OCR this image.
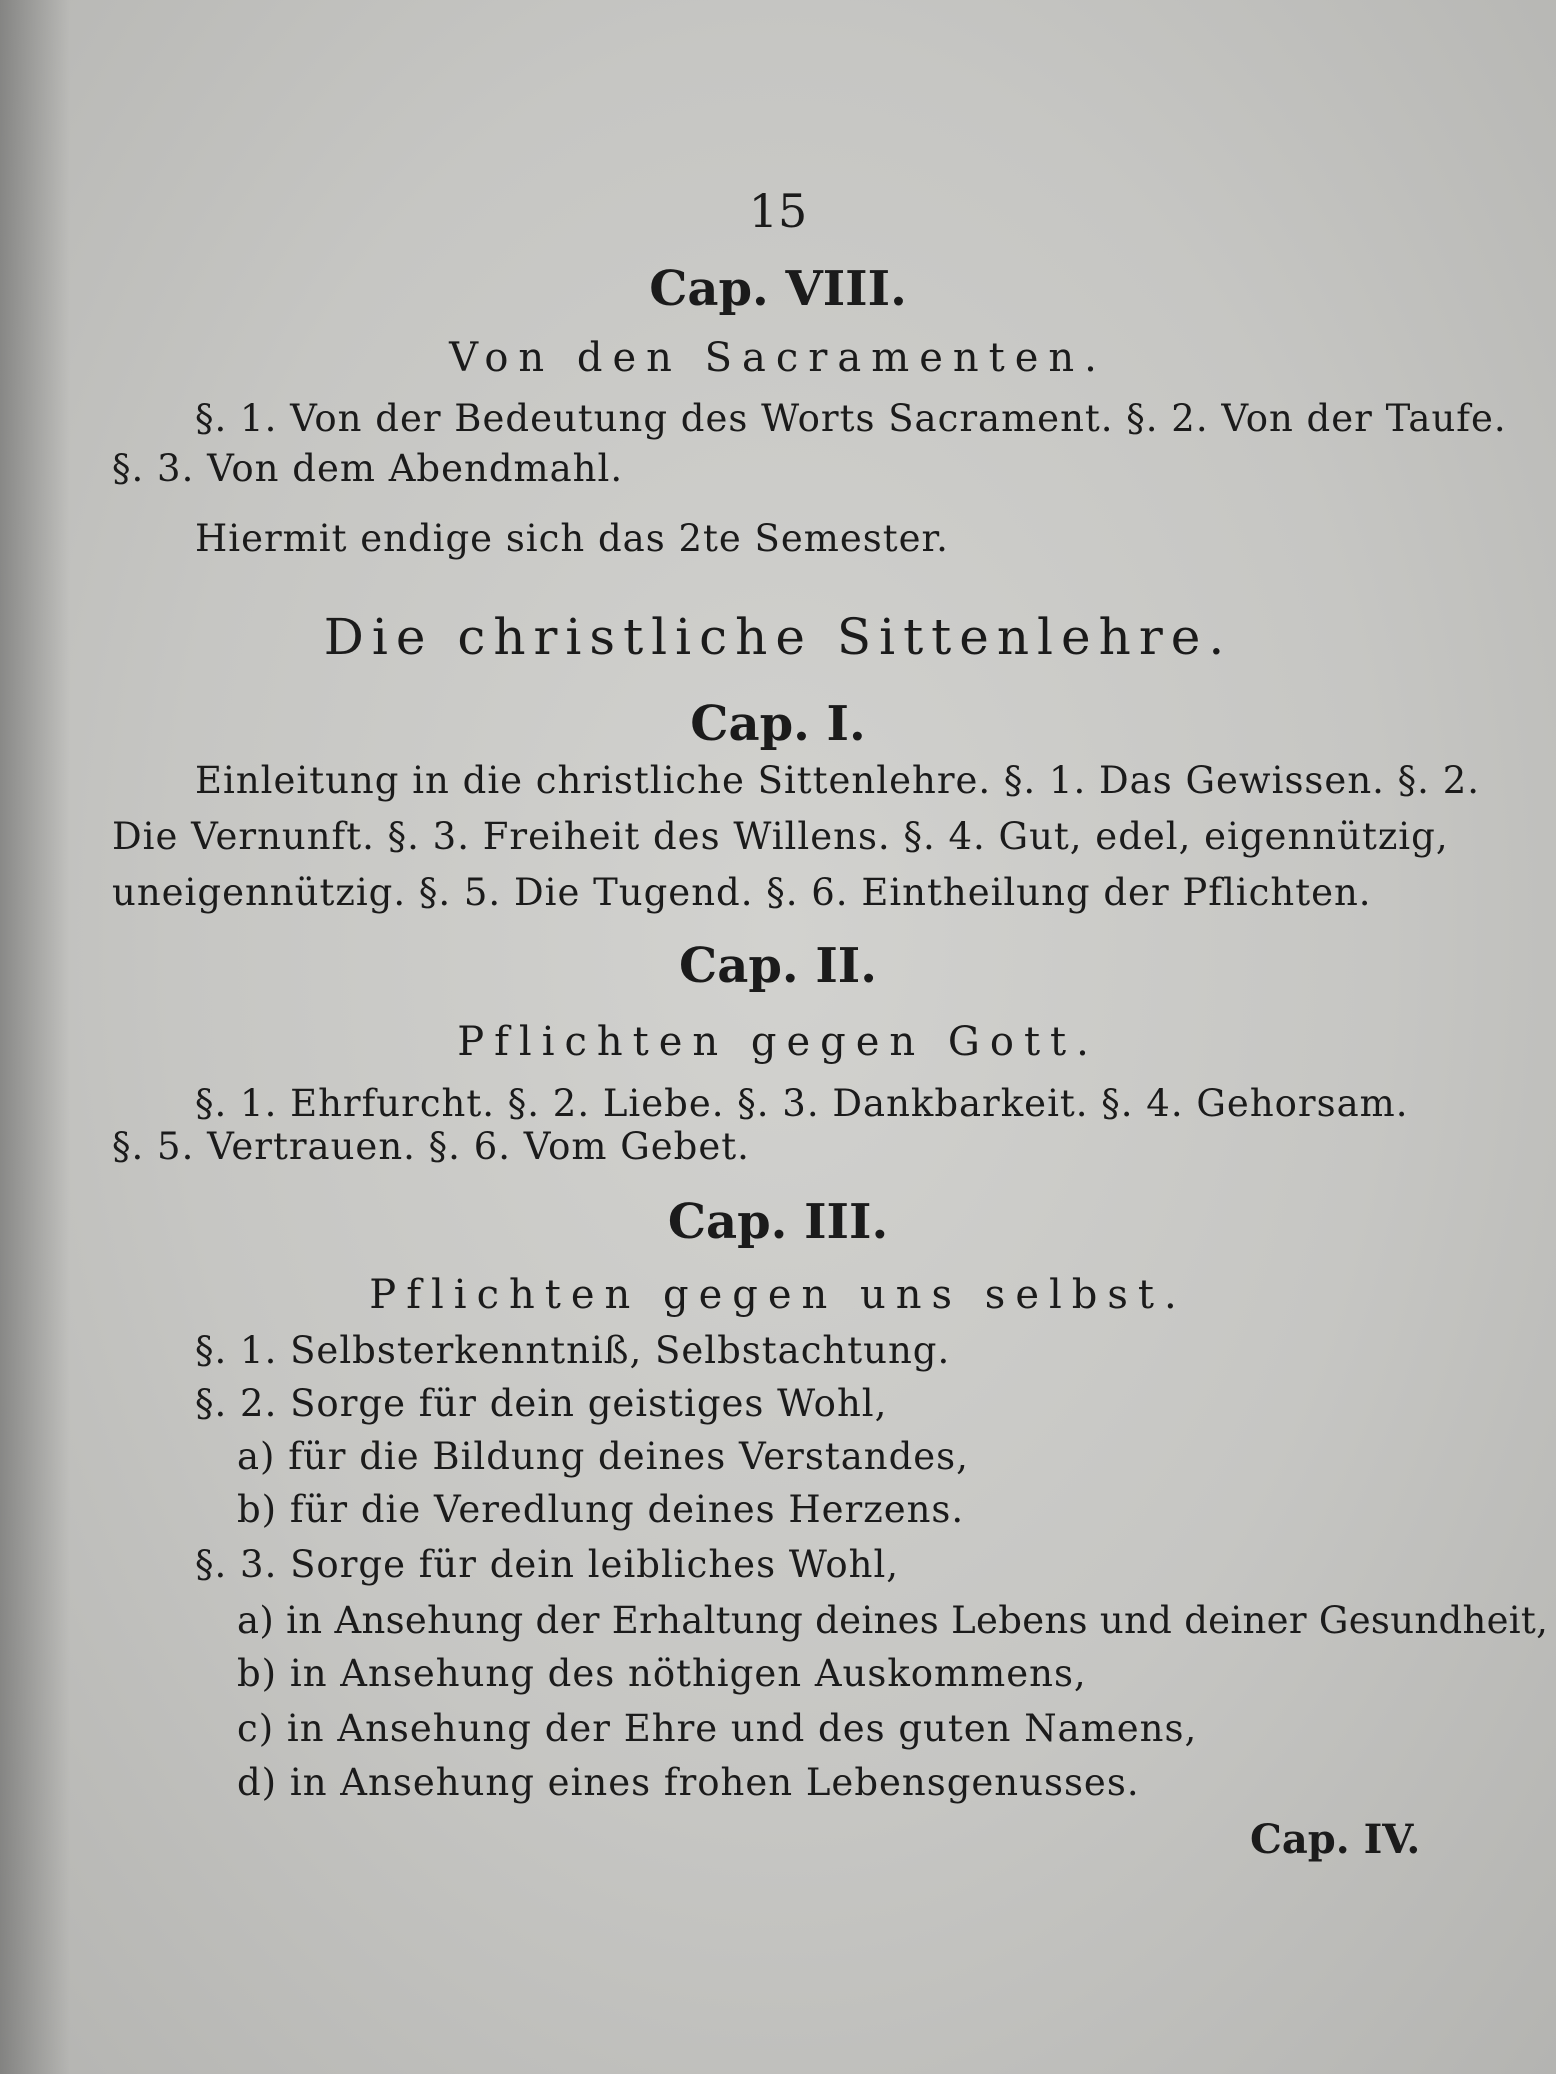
15
Cap. VIII.
Von den Sacramenten.
§. 1. Von der Bedeutung des Worts Sacrament. §. 2. Von der Taufe.
§. 3. Von dem Abendmahl.
Hiermit endige sich das 2te Semester.
Die christliche Sittenlehre.
Cap. I.
Einleitung in die christliche Sittenlehre. §. 1. Das Gewissen. §. 2.
Die Vernunft. §. 3. Freiheit des Willens. §. 4. Gut, edel, eigennützig,
uneigennützig. §. 5. Die Tugend. §. 6. Eintheilung der Pflichten.
Cap. II.
Pflichten gegen Gott.
§. 1. Ehrfurcht. §. 2. Liebe. §. 3. Dankbarkeit. §. 4. Gehorsam.
§. 5. Vertrauen. §. 6. Vom Gebet.
Cap. III.
Pflichten gegen uns selbst.
§. 1. Selbsterkenntniß, Selbstachtung.
§. 2. Sorge für dein geistiges Wohl,
a) für die Bildung deines Verstandes,
b) für die Veredlung deines Herzens.
§. 3. Sorge für dein leibliches Wohl,
a) in Ansehung der Erhaltung deines Lebens und deiner Gesundheit,
b) in Ansehung des nöthigen Auskommens,
c) in Ansehung der Ehre und des guten Namens,
d) in Ansehung eines frohen Lebensgenusses.
Cap. IV.
